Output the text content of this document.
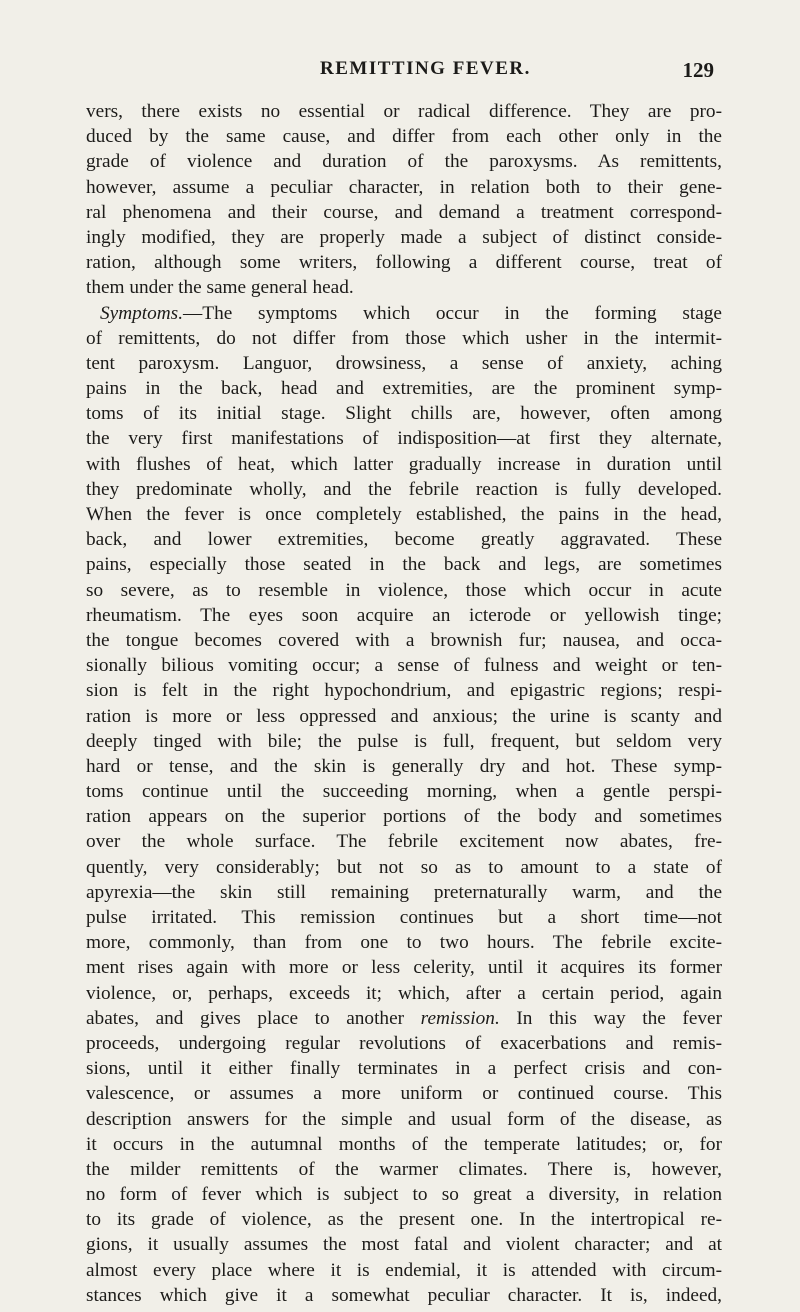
REMITTING FEVER.	129
vers, there exists no essential or radical difference. They are pro-
duced by the same cause, and differ from each other only in the
grade of violence and duration of the paroxysms. As remittents,
however, assume a peculiar character, in relation both to their gene-
ral phenomena and their course, and demand a treatment correspond-
ingly modified, they are properly made a subject of distinct conside-
ration, although some writers, following a different course, treat of
them under the same general head.
Symptoms.—The symptoms which occur in the forming stage
of remittents, do not differ from those which usher in the intermit-
tent paroxysm. Languor, drowsiness, a sense of anxiety, aching
pains in the back, head and extremities, are the prominent symp-
toms of its initial stage. Slight chills are, however, often among
the very first manifestations of indisposition—at first they alternate,
with flushes of heat, which latter gradually increase in duration until
they predominate wholly, and the febrile reaction is fully developed.
When the fever is once completely established, the pains in the head,
back, and lower extremities, become greatly aggravated. These
pains, especially those seated in the back and legs, are sometimes
so severe, as to resemble in violence, those which occur in acute
rheumatism. The eyes soon acquire an icterode or yellowish tinge;
the tongue becomes covered with a brownish fur; nausea, and occa-
sionally bilious vomiting occur; a sense of fulness and weight or ten-
sion is felt in the right hypochondrium, and epigastric regions; respi-
ration is more or less oppressed and anxious; the urine is scanty and
deeply tinged with bile; the pulse is full, frequent, but seldom very
hard or tense, and the skin is generally dry and hot. These symp-
toms continue until the succeeding morning, when a gentle perspi-
ration appears on the superior portions of the body and sometimes
over the whole surface. The febrile excitement now abates, fre-
quently, very considerably; but not so as to amount to a state of
apyrexia—the skin still remaining preternaturally warm, and the
pulse irritated. This remission continues but a short time—not
more, commonly, than from one to two hours. The febrile excite-
ment rises again with more or less celerity, until it acquires its former
violence, or, perhaps, exceeds it; which, after a certain period, again
abates, and gives place to another remission. In this way the fever
proceeds, undergoing regular revolutions of exacerbations and remis-
sions, until it either finally terminates in a perfect crisis and con-
valescence, or assumes a more uniform or continued course. This
description answers for the simple and usual form of the disease, as
it occurs in the autumnal months of the temperate latitudes; or, for
the milder remittents of the warmer climates. There is, however,
no form of fever which is subject to so great a diversity, in relation
to its grade of violence, as the present one. In the intertropical re-
gions, it usually assumes the most fatal and violent character; and at
almost every place where it is endemial, it is attended with circum-
stances which give it a somewhat peculiar character. It is, indeed,
